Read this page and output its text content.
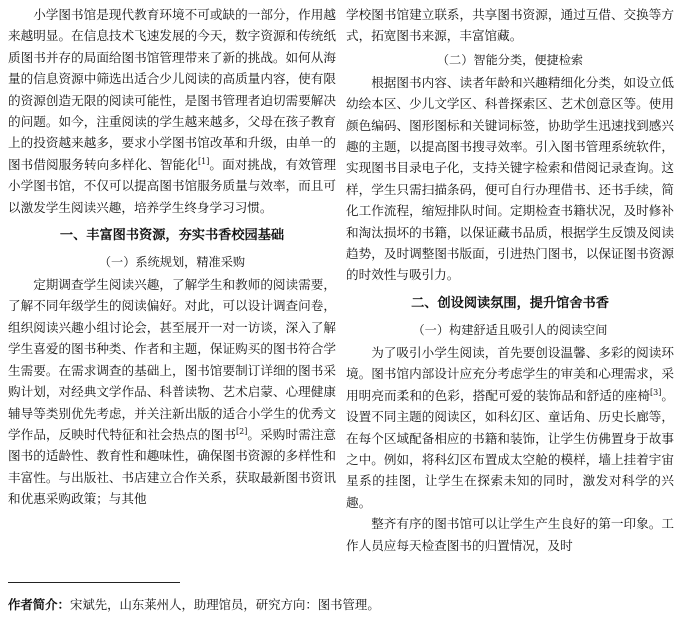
小学图书馆是现代教育环境不可或缺的一部分，作用越来越明显。在信息技术飞速发展的今天，数字资源和传统纸质图书并存的局面给图书馆管理带来了新的挑战。如何从海量的信息资源中筛选出适合少儿阅读的高质量内容，使有限的资源创造无限的阅读可能性，是图书管理者迫切需要解决的问题。如今，注重阅读的学生越来越多，父母在孩子教育上的投资越来越多，要求小学图书馆改革和升级，由单一的图书借阅服务转向多样化、智能化[1]。面对挑战，有效管理小学图书馆，不仅可以提高图书馆服务质量与效率，而且可以激发学生阅读兴趣，培养学生终身学习习惯。

一、丰富图书资源，夯实书香校园基础
（一）系统规划，精准采购

定期调查学生阅读兴趣，了解学生和教师的阅读需要，了解不同年级学生的阅读偏好。对此，可以设计调查问卷，组织阅读兴趣小组讨论会，甚至展开一对一访谈，深入了解学生喜爱的图书种类、作者和主题，保证购买的图书符合学生需要。在需求调查的基础上，图书馆要制订详细的图书采购计划，对经典文学作品、科普读物、艺术启蒙、心理健康辅导等类别优先考虑，并关注新出版的适合小学生的优秀文学作品，反映时代特征和社会热点的图书[2]。采购时需注意图书的适龄性、教育性和趣味性，确保图书资源的多样性和丰富性。与出版社、书店建立合作关系，获取最新图书资讯和优惠采购政策；与其他

学校图书馆建立联系，共享图书资源，通过互借、交换等方式，拓宽图书来源，丰富馆藏。

（二）智能分类，便捷检索

根据图书内容、读者年龄和兴趣精细化分类，如设立低幼绘本区、少儿文学区、科普探索区、艺术创意区等。使用颜色编码、图形图标和关键词标签，协助学生迅速找到感兴趣的主题，以提高图书搜寻效率。引入图书管理系统软件，实现图书目录电子化，支持关键字检索和借阅记录查询。这样，学生只需扫描条码，便可自行办理借书、还书手续，简化工作流程，缩短排队时间。定期检查书籍状况，及时修补和淘汰损坏的书籍，以保证藏书品质，根据学生反馈及阅读趋势，及时调整图书版面，引进热门图书，以保证图书资源的时效性与吸引力。

二、创设阅读氛围，提升馆舍书香
（一）构建舒适且吸引人的阅读空间

为了吸引小学生阅读，首先要创设温馨、多彩的阅读环境。图书馆内部设计应充分考虑学生的审美和心理需求，采用明亮而柔和的色彩，搭配可爱的装饰品和舒适的座椅[3]。设置不同主题的阅读区，如科幻区、童话角、历史长廊等，在每个区域配备相应的书籍和装饰，让学生仿佛置身于故事之中。例如，将科幻区布置成太空舱的模样，墙上挂着宇宙星系的挂图，让学生在探索未知的同时，激发对科学的兴趣。

整齐有序的图书馆可以让学生产生良好的第一印象。工作人员应每天检查图书的归置情况，及时

作者简介：宋斌先，山东莱州人，助理馆员，研究方向：图书管理。
